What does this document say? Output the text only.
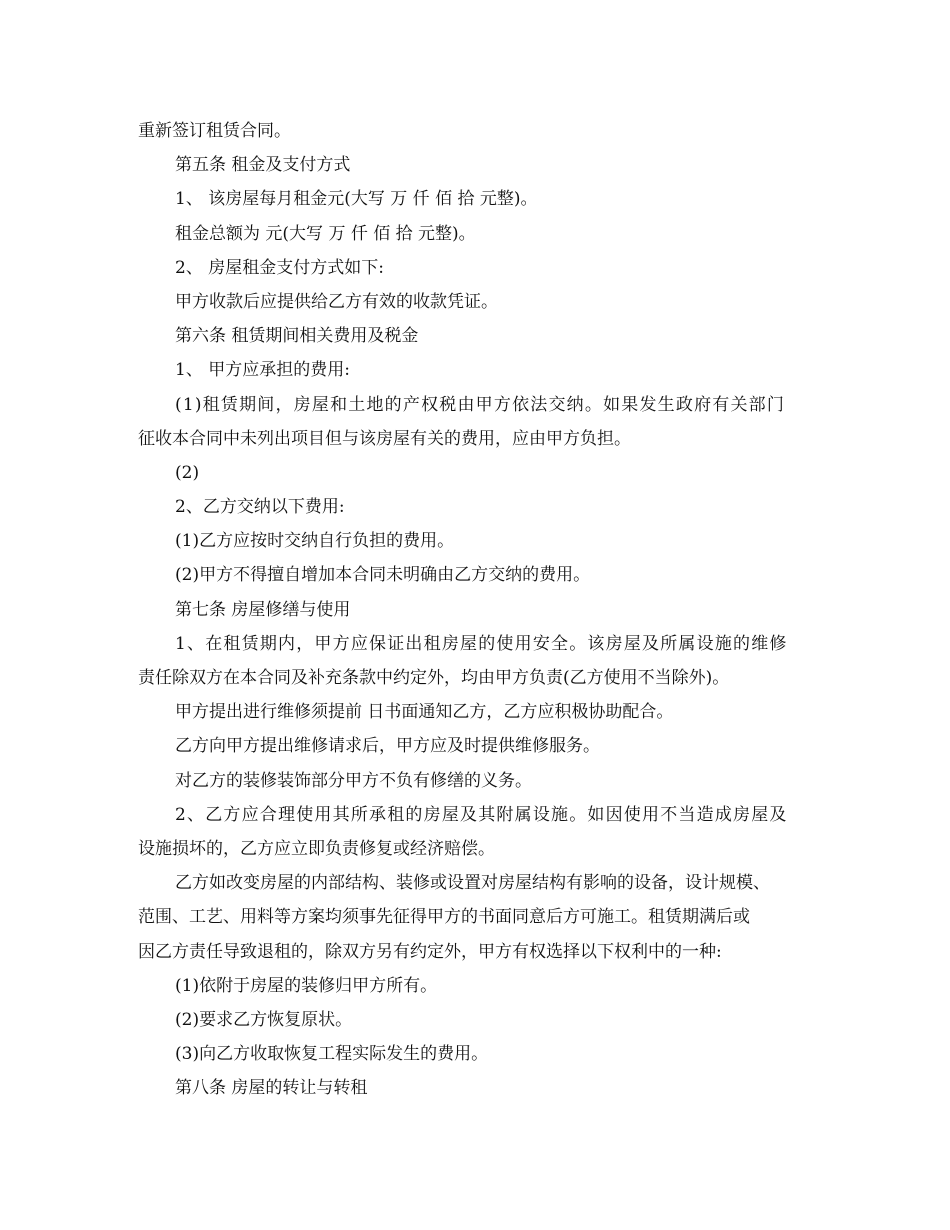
重新签订租赁合同。
第五条 租金及支付方式
1、 该房屋每月租金元(大写 万 仟 佰 拾 元整)。
租金总额为 元(大写 万 仟 佰 拾 元整)。
2、 房屋租金支付方式如下:
甲方收款后应提供给乙方有效的收款凭证。
第六条 租赁期间相关费用及税金
1、 甲方应承担的费用:
(1)租赁期间，房屋和土地的产权税由甲方依法交纳。如果发生政府有关部门
征收本合同中未列出项目但与该房屋有关的费用，应由甲方负担。
(2)
2、乙方交纳以下费用:
(1)乙方应按时交纳自行负担的费用。
(2)甲方不得擅自增加本合同未明确由乙方交纳的费用。
第七条 房屋修缮与使用
1、在租赁期内，甲方应保证出租房屋的使用安全。该房屋及所属设施的维修
责任除双方在本合同及补充条款中约定外，均由甲方负责(乙方使用不当除外)。
甲方提出进行维修须提前 日书面通知乙方，乙方应积极协助配合。
乙方向甲方提出维修请求后，甲方应及时提供维修服务。
对乙方的装修装饰部分甲方不负有修缮的义务。
2、乙方应合理使用其所承租的房屋及其附属设施。如因使用不当造成房屋及
设施损坏的，乙方应立即负责修复或经济赔偿。
乙方如改变房屋的内部结构、装修或设置对房屋结构有影响的设备，设计规模、
范围、工艺、用料等方案均须事先征得甲方的书面同意后方可施工。租赁期满后或
因乙方责任导致退租的，除双方另有约定外，甲方有权选择以下权利中的一种:
(1)依附于房屋的装修归甲方所有。
(2)要求乙方恢复原状。
(3)向乙方收取恢复工程实际发生的费用。
第八条 房屋的转让与转租
